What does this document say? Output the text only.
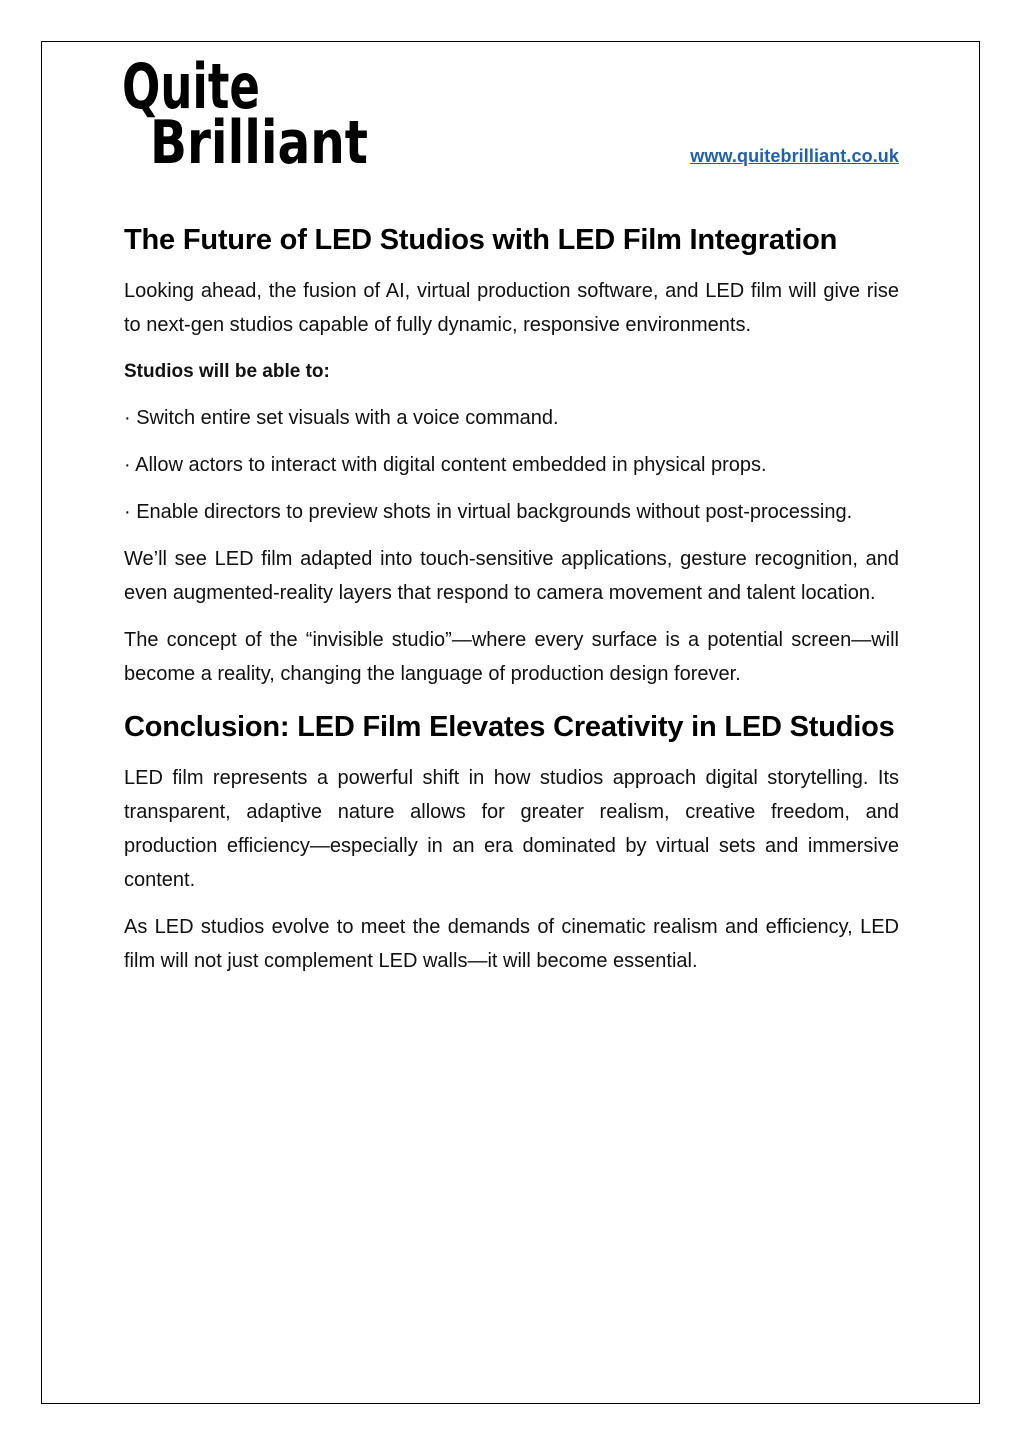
Quite
Brilliant	www.quitebrilliant.co.uk
The Future of LED Studios with LED Film Integration

Looking ahead, the fusion of AI, virtual production software, and LED film will give rise to next-gen studios capable of fully dynamic, responsive environments.

Studios will be able to:

· Switch entire set visuals with a voice command.

· Allow actors to interact with digital content embedded in physical props.

· Enable directors to preview shots in virtual backgrounds without post-processing.

We’ll see LED film adapted into touch-sensitive applications, gesture recognition, and even augmented-reality layers that respond to camera movement and talent location.

The concept of the “invisible studio”—where every surface is a potential screen—will become a reality, changing the language of production design forever.

Conclusion: LED Film Elevates Creativity in LED Studios

LED film represents a powerful shift in how studios approach digital storytelling. Its transparent, adaptive nature allows for greater realism, creative freedom, and production efficiency—especially in an era dominated by virtual sets and immersive content.

As LED studios evolve to meet the demands of cinematic realism and efficiency, LED film will not just complement LED walls—it will become essential.
